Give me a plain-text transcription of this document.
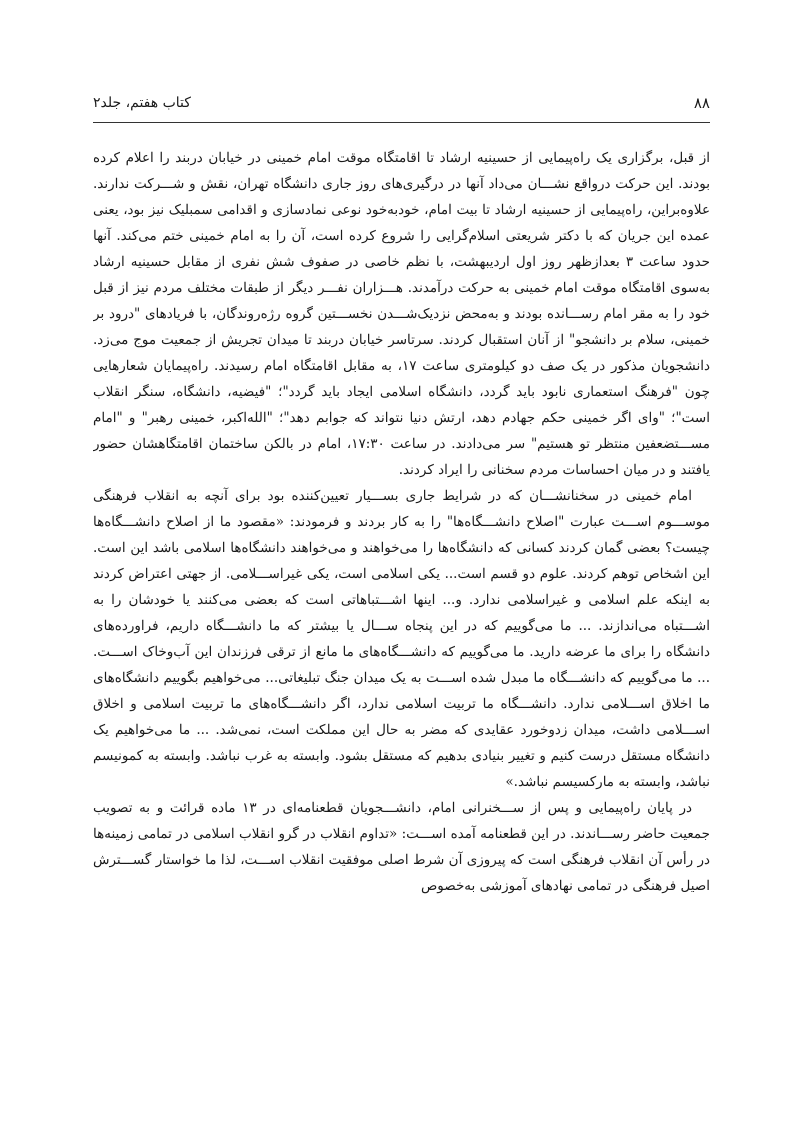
۸۸
کتاب هفتم، جلد۲

از قبل، برگزاری یک راه‌پیمایی از حسینیه ارشاد تا اقامتگاه موقت امام خمینی در خیابان دربند را اعلام کرده بودند. این حرکت درواقع نشـــان می‌داد آنها در درگیری‌های روز جاری دانشگاه تهران، نقش و شـــرکت ندارند. علاوه‌براین، راه‌پیمایی از حسینیه ارشاد تا بیت امام، خودبه‌خود نوعی نمادسازی و اقدامی سمبلیک نیز بود، یعنی عمده این جریان که با دکتر شریعتی اسلام‌گرایی را شروع کرده است، آن را به امام خمینی ختم می‌کند. آنها حدود ساعت ۳ بعدازظهر روز اول اردیبهشت، با نظم خاصی در صفوف شش نفری از مقابل حسینیه ارشاد به‌سوی اقامتگاه موقت امام خمینی به حرکت درآمدند. هـــزاران نفـــر دیگر از طبقات مختلف مردم نیز از قبل خود را به مقر امام رســـانده بودند و به‌محض نزدیک‌شـــدن نخســـتین گروه رژه‌روندگان، با فریادهای "درود بر خمینی، سلام بر دانشجو" از آنان استقبال کردند. سرتاسر خیابان دربند تا میدان تجریش از جمعیت موج می‌زد. دانشجویان مذکور در یک صف دو کیلومتری ساعت ۱۷، به مقابل اقامتگاه امام رسیدند. راه‌پیمایان شعارهایی چون "فرهنگ استعماری نابود باید گردد، دانشگاه اسلامی ایجاد باید گردد"؛ "فیضیه، دانشگاه، سنگر انقلاب است"؛ "وای اگر خمینی حکم جهادم دهد، ارتش دنیا نتواند که جوابم دهد"؛ "الله‌اکبر، خمینی رهبر" و "امام مســـتضعفین منتظر تو هستیم" سر می‌دادند. در ساعت ۱۷:۳۰، امام در بالکن ساختمان اقامتگاهشان حضور یافتند و در میان احساسات مردم سخنانی را ایراد کردند.

امام خمینی در سخنانشـــان که در شرایط جاری بســـیار تعیین‌کننده بود برای آنچه به انقلاب فرهنگی موســـوم اســـت عبارت "اصلاح دانشـــگاه‌ها" را به کار بردند و فرمودند: «مقصود ما از اصلاح دانشـــگاه‌ها چیست؟ بعضی گمان کردند کسانی که دانشگاه‌ها را می‌خواهند و می‌خواهند دانشگاه‌ها اسلامی باشد این است. این اشخاص توهم کردند. علوم دو قسم است... یکی اسلامی است، یکی غیراســـلامی. از جهتی اعتراض کردند به اینکه علم اسلامی و غیراسلامی ندارد. و... اینها اشـــتباهاتی است که بعضی می‌کنند یا خودشان را به اشـــتباه می‌اندازند. ... ما می‌گوییم که در این پنجاه ســـال یا بیشتر که ما دانشـــگاه داریم، فراورده‌های دانشگاه را برای ما عرضه دارید. ما می‌گوییم که دانشـــگاه‌های ما مانع از ترقی فرزندان این آب‌وخاک اســـت. ... ما می‌گوییم که دانشـــگاه ما مبدل شده اســـت به یک میدان جنگ تبلیغاتی... می‌خواهیم بگوییم دانشگاه‌های ما اخلاق اســـلامی ندارد. دانشـــگاه ما تربیت اسلامی ندارد، اگر دانشـــگاه‌های ما تربیت اسلامی و اخلاق اســـلامی داشت، میدان زدوخورد عقایدی که مضر به حال این مملکت است، نمی‌شد. ... ما می‌خواهیم یک دانشگاه مستقل درست کنیم و تغییر بنیادی بدهیم که مستقل بشود. وابسته به غرب نباشد. وابسته به کمونیسم نباشد، وابسته به مارکسیسم نباشد.»

در پایان راه‌پیمایی و پس از ســـخنرانی امام، دانشـــجویان قطعنامه‌ای در ۱۳ ماده قرائت و به تصویب جمعیت حاضر رســـاندند. در این قطعنامه آمده اســـت: «تداوم انقلاب در گرو انقلاب اسلامی در تمامی زمینه‌ها در رأس آن انقلاب فرهنگی است که پیروزی آن شرط اصلی موفقیت انقلاب اســـت، لذا ما خواستار گســـترش اصیل فرهنگی در تمامی نهادهای آموزشی به‌خصوص
